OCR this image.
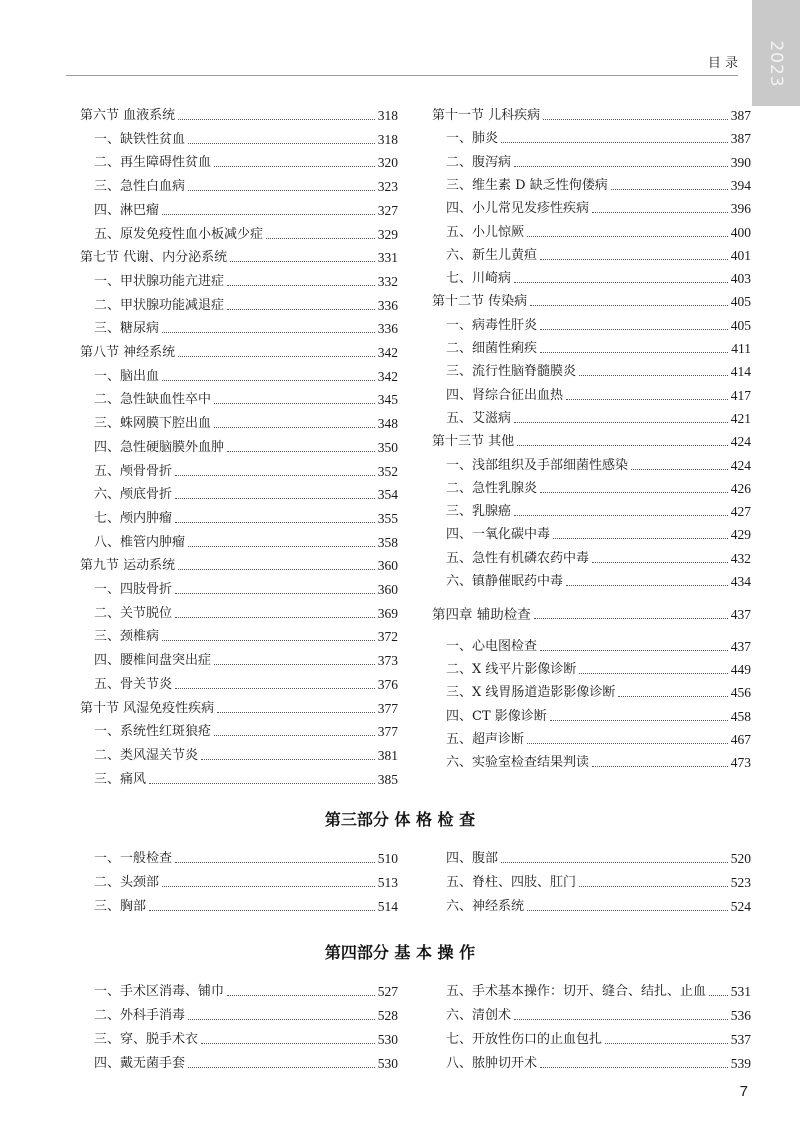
2023
目 录
第六节 血液系统	318
一、缺铁性贫血	318
二、再生障碍性贫血	320
三、急性白血病	323
四、淋巴瘤	327
五、原发免疫性血小板减少症	329
第七节 代谢、内分泌系统	331
一、甲状腺功能亢进症	332
二、甲状腺功能减退症	336
三、糖尿病	336
第八节 神经系统	342
一、脑出血	342
二、急性缺血性卒中	345
三、蛛网膜下腔出血	348
四、急性硬脑膜外血肿	350
五、颅骨骨折	352
六、颅底骨折	354
七、颅内肿瘤	355
八、椎管内肿瘤	358
第九节 运动系统	360
一、四肢骨折	360
二、关节脱位	369
三、颈椎病	372
四、腰椎间盘突出症	373
五、骨关节炎	376
第十节 风湿免疫性疾病	377
一、系统性红斑狼疮	377
二、类风湿关节炎	381
三、痛风	385
第十一节 儿科疾病	387
一、肺炎	387
二、腹泻病	390
三、维生素 D 缺乏性佝偻病	394
四、小儿常见发疹性疾病	396
五、小儿惊厥	400
六、新生儿黄疸	401
七、川崎病	403
第十二节 传染病	405
一、病毒性肝炎	405
二、细菌性痢疾	411
三、流行性脑脊髓膜炎	414
四、肾综合征出血热	417
五、艾滋病	421
第十三节 其他	424
一、浅部组织及手部细菌性感染	424
二、急性乳腺炎	426
三、乳腺癌	427
四、一氧化碳中毒	429
五、急性有机磷农药中毒	432
六、镇静催眠药中毒	434
第四章 辅助检查	437
一、心电图检查	437
二、X 线平片影像诊断	449
三、X 线胃肠道造影影像诊断	456
四、CT 影像诊断	458
五、超声诊断	467
六、实验室检查结果判读	473
第三部分 体 格 检 查
一、一般检查	510
二、头颈部	513
三、胸部	514
四、腹部	520
五、脊柱、四肢、肛门	523
六、神经系统	524
第四部分 基 本 操 作
一、手术区消毒、铺巾	527
二、外科手消毒	528
三、穿、脱手术衣	530
四、戴无菌手套	530
五、手术基本操作：切开、缝合、结扎、止血 531
六、清创术	536
七、开放性伤口的止血包扎	537
八、脓肿切开术	539
7
